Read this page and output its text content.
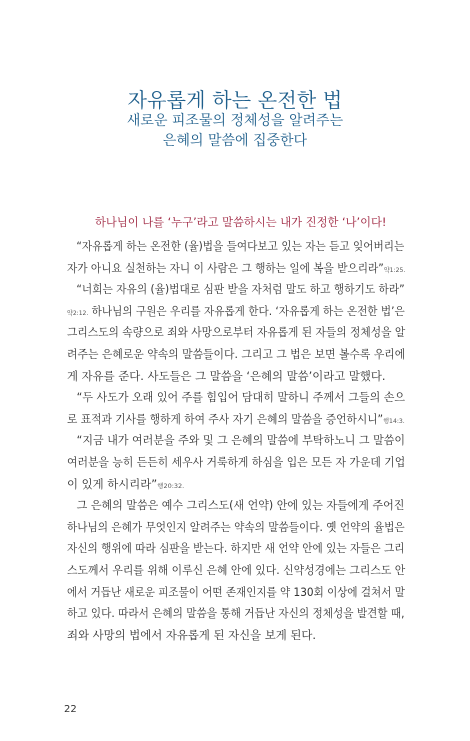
자유롭게 하는 온전한 법
새로운 피조물의 정체성을 알려주는
은혜의 말씀에 집중한다
하나님이 나를 ‘누구’라고 말씀하시는 내가 진정한 ‘나’이다!
“자유롭게 하는 온전한 (율)법을 들여다보고 있는 자는 듣고 잊어버리는
자가 아니요 실천하는 자니 이 사람은 그 행하는 일에 복을 받으리라”약1:25.
“너희는 자유의 (율)법대로 심판 받을 자처럼 말도 하고 행하기도 하라”
약2:12. 하나님의 구원은 우리를 자유롭게 한다. ‘자유롭게 하는 온전한 법’은
그리스도의 속량으로 죄와 사망으로부터 자유롭게 된 자들의 정체성을 알
려주는 은혜로운 약속의 말씀들이다. 그리고 그 법은 보면 볼수록 우리에
게 자유를 준다. 사도들은 그 말씀을 ‘은혜의 말씀’이라고 말했다.
“두 사도가 오래 있어 주를 힘입어 담대히 말하니 주께서 그들의 손으
로 표적과 기사를 행하게 하여 주사 자기 은혜의 말씀을 증언하시니”행14:3.
“지금 내가 여러분을 주와 및 그 은혜의 말씀에 부탁하노니 그 말씀이
여러분을 능히 든든히 세우사 거룩하게 하심을 입은 모든 자 가운데 기업
이 있게 하시리라”행20:32.
그 은혜의 말씀은 예수 그리스도(새 언약) 안에 있는 자들에게 주어진
하나님의 은혜가 무엇인지 알려주는 약속의 말씀들이다. 옛 언약의 율법은
자신의 행위에 따라 심판을 받는다. 하지만 새 언약 안에 있는 자들은 그리
스도께서 우리를 위해 이루신 은혜 안에 있다. 신약성경에는 그리스도 안
에서 거듭난 새로운 피조물이 어떤 존재인지를 약 130회 이상에 걸쳐서 말
하고 있다. 따라서 은혜의 말씀을 통해 거듭난 자신의 정체성을 발견할 때,
죄와 사망의 법에서 자유롭게 된 자신을 보게 된다.
22
